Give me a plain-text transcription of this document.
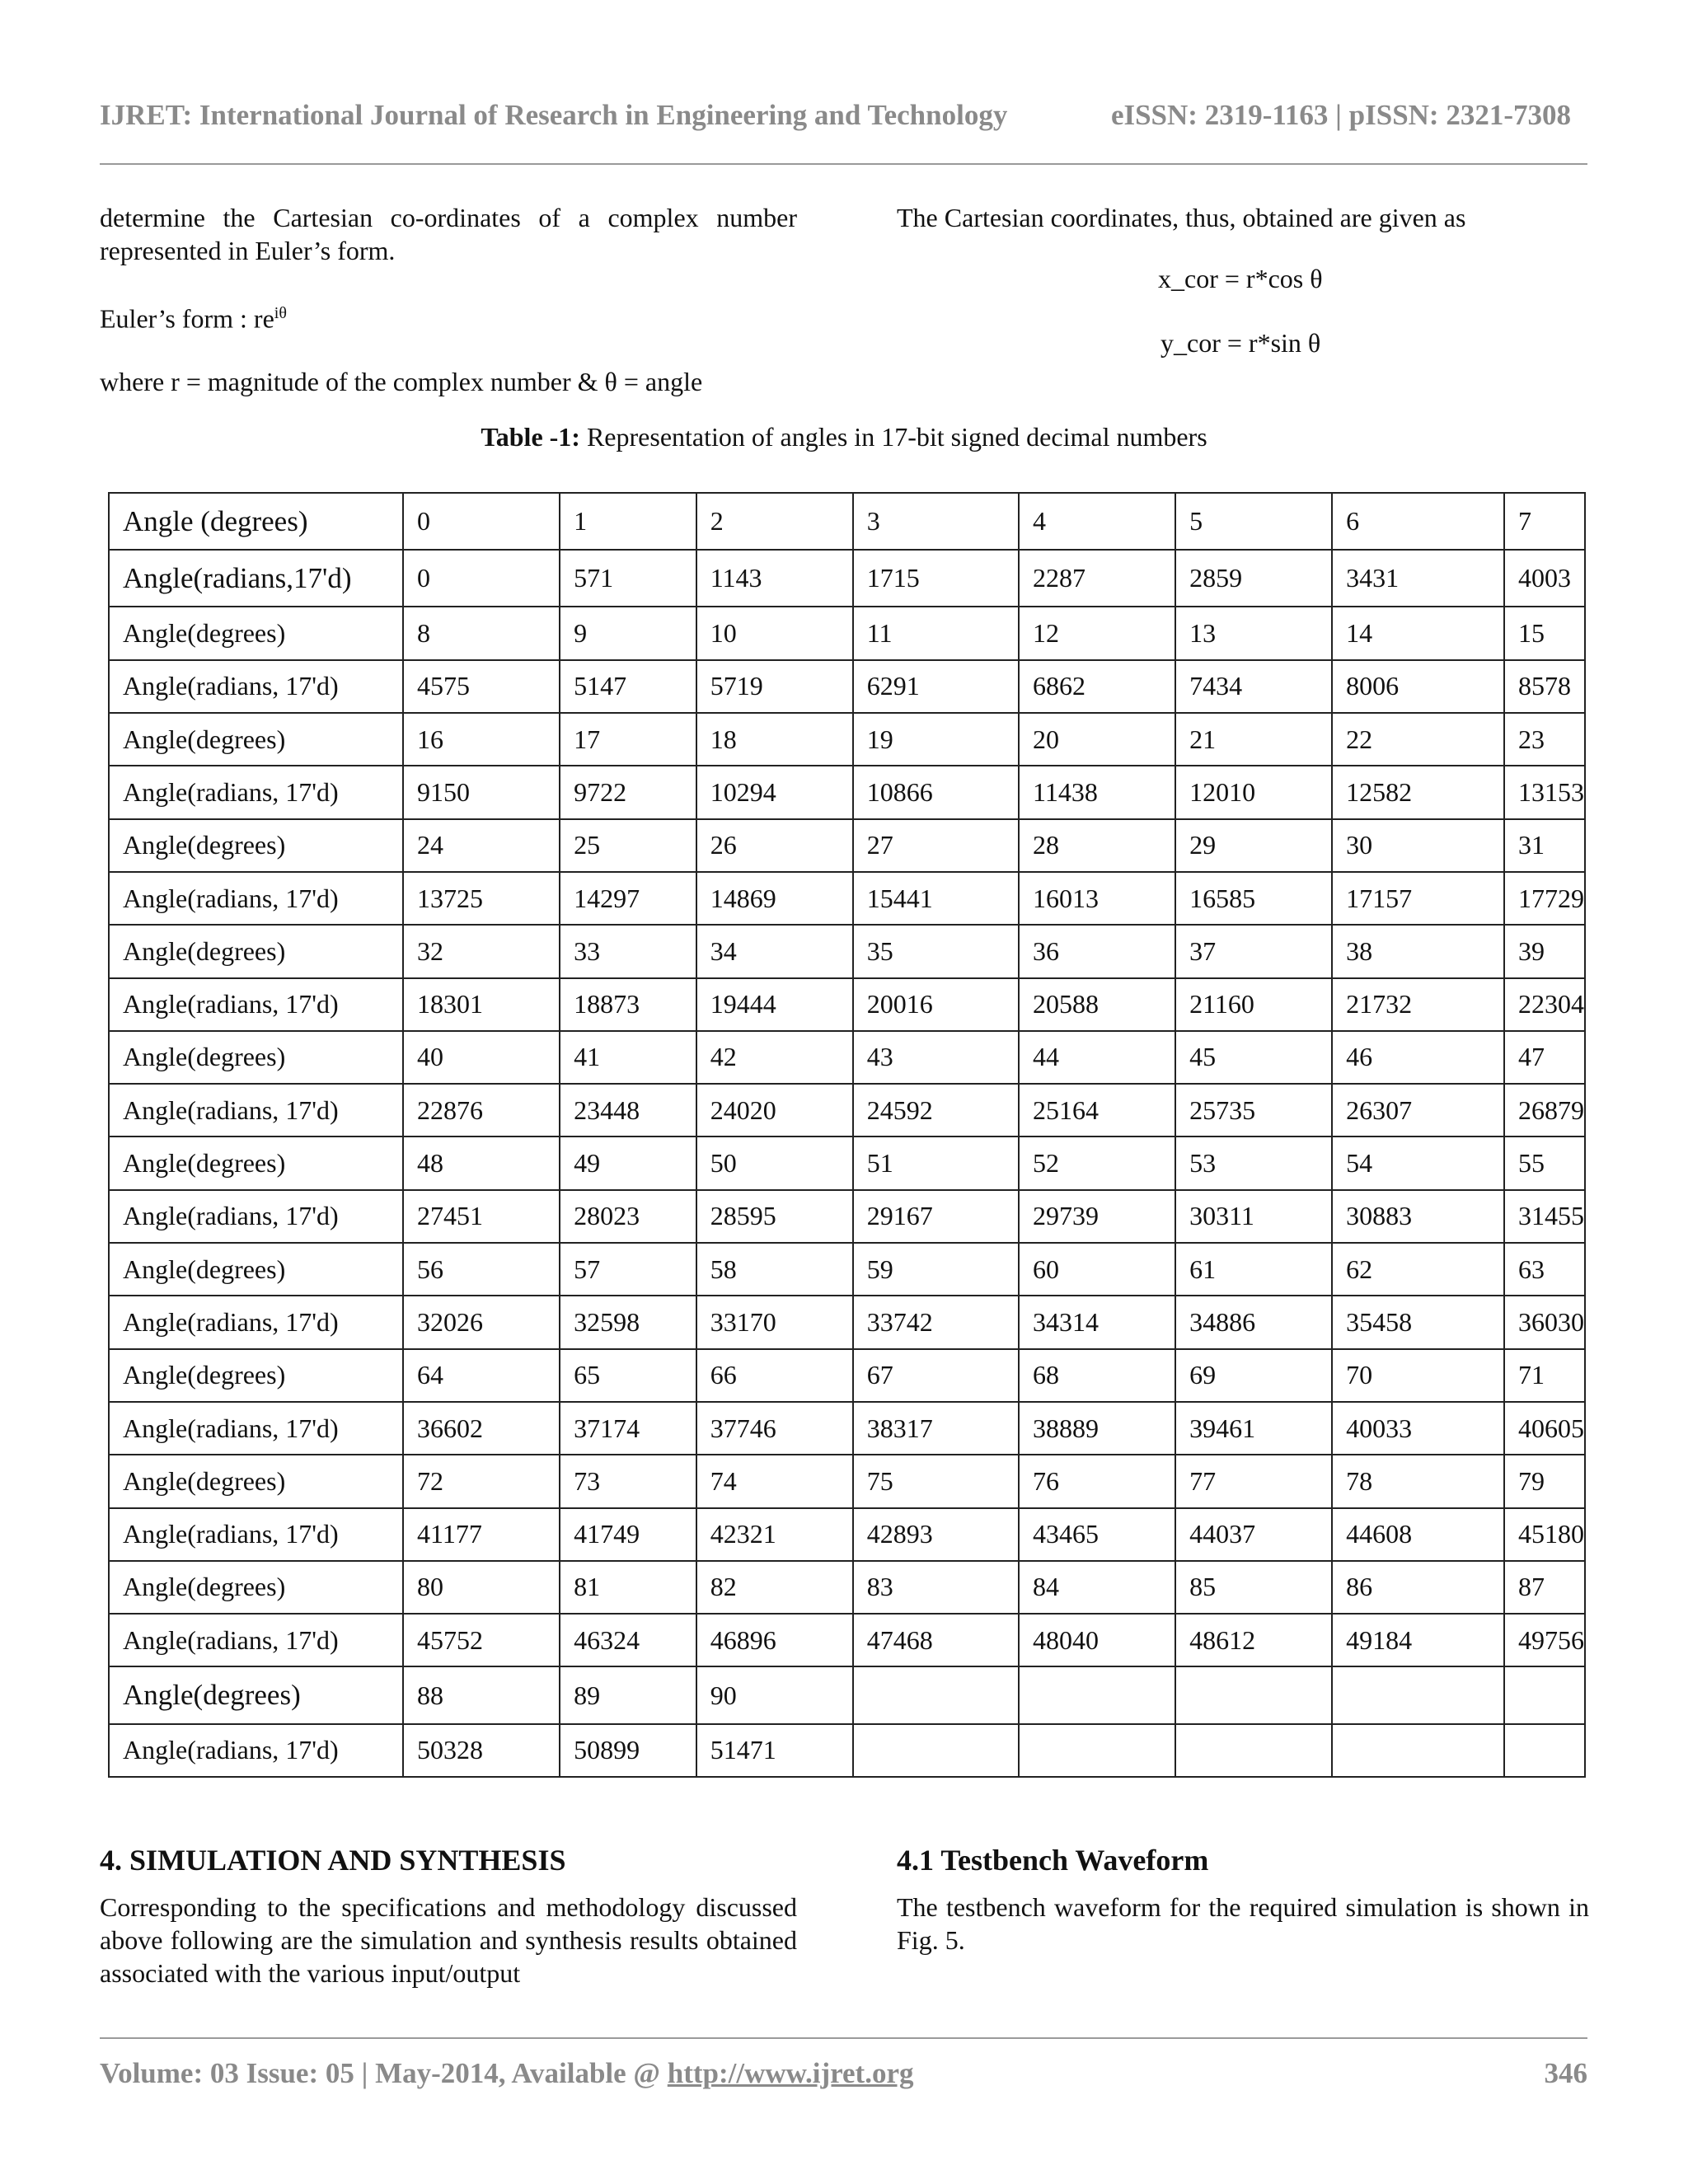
IJRET: International Journal of Research in Engineering and Technology	eISSN: 2319-1163 | pISSN: 2321-7308

determine the Cartesian co-ordinates of a complex number represented in Euler’s form.

Euler’s form : $re^{i\theta}$

where r = magnitude of the complex number & θ = angle

The Cartesian coordinates, thus, obtained are given as

x_cor = r*cos θ
y_cor = r*sin θ
Table -1: Representation of angles in 17-bit signed decimal numbers
Angle (degrees)	0	1	2	3	4	5	6	7
Angle(radians,17'd)	0	571	1143	1715	2287	2859	3431	4003
Angle(degrees)	8	9	10	11	12	13	14	15
Angle(radians, 17'd)	4575	5147	5719	6291	6862	7434	8006	8578
Angle(degrees)	16	17	18	19	20	21	22	23
Angle(radians, 17'd)	9150	9722	10294	10866	11438	12010	12582	13153
Angle(degrees)	24	25	26	27	28	29	30	31
Angle(radians, 17'd)	13725	14297	14869	15441	16013	16585	17157	17729
Angle(degrees)	32	33	34	35	36	37	38	39
Angle(radians, 17'd)	18301	18873	19444	20016	20588	21160	21732	22304
Angle(degrees)	40	41	42	43	44	45	46	47
Angle(radians, 17'd)	22876	23448	24020	24592	25164	25735	26307	26879
Angle(degrees)	48	49	50	51	52	53	54	55
Angle(radians, 17'd)	27451	28023	28595	29167	29739	30311	30883	31455
Angle(degrees)	56	57	58	59	60	61	62	63
Angle(radians, 17'd)	32026	32598	33170	33742	34314	34886	35458	36030
Angle(degrees)	64	65	66	67	68	69	70	71
Angle(radians, 17'd)	36602	37174	37746	38317	38889	39461	40033	40605
Angle(degrees)	72	73	74	75	76	77	78	79
Angle(radians, 17'd)	41177	41749	42321	42893	43465	44037	44608	45180
Angle(degrees)	80	81	82	83	84	85	86	87
Angle(radians, 17'd)	45752	46324	46896	47468	48040	48612	49184	49756
Angle(degrees)	88	89	90					
Angle(radians, 17'd)	50328	50899	51471					
4. SIMULATION AND SYNTHESIS
Corresponding to the specifications and methodology discussed above following are the simulation and synthesis results obtained associated with the various input/output
4.1 Testbench Waveform
The testbench waveform for the required simulation is shown in Fig. 5.
Volume: 03 Issue: 05 | May-2014, Available @ http://www.ijret.org	346
